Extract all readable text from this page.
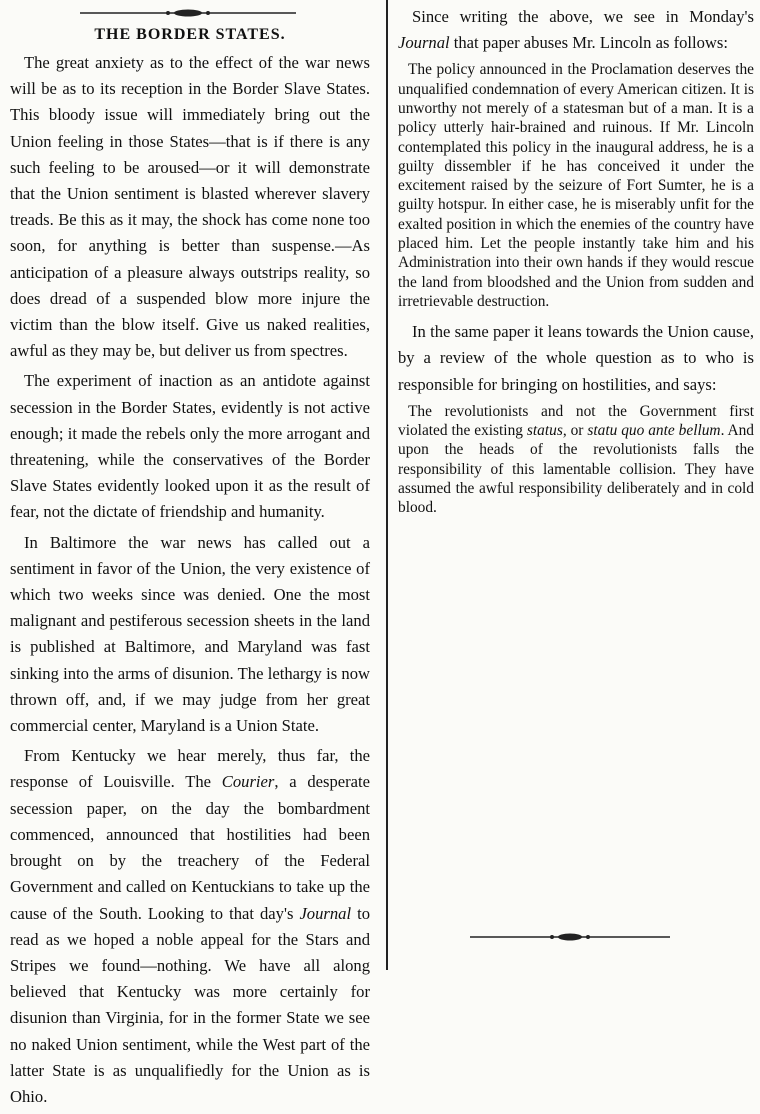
THE BORDER STATES.

The great anxiety as to the effect of the war news will be as to its reception in the Border Slave States. This bloody issue will immediately bring out the Union feeling in those States—that is if there is any such feeling to be aroused—or it will demonstrate that the Union sentiment is blasted wherever slavery treads. Be this as it may, the shock has come none too soon, for anything is better than suspense.—As anticipation of a pleasure always outstrips reality, so does dread of a suspended blow more injure the victim than the blow itself. Give us naked realities, awful as they may be, but deliver us from spectres.

The experiment of inaction as an antidote against secession in the Border States, evidently is not active enough; it made the rebels only the more arrogant and threatening, while the conservatives of the Border Slave States evidently looked upon it as the result of fear, not the dictate of friendship and humanity.

In Baltimore the war news has called out a sentiment in favor of the Union, the very existence of which two weeks since was denied. One the most malignant and pestiferous secession sheets in the land is published at Baltimore, and Maryland was fast sinking into the arms of disunion. The lethargy is now thrown off, and, if we may judge from her great commercial center, Maryland is a Union State.

From Kentucky we hear merely, thus far, the response of Louisville. The Courier, a desperate secession paper, on the day the bombardment commenced, announced that hostilities had been brought on by the treachery of the Federal Government and called on Kentuckians to take up the cause of the South. Looking to that day's Journal to read as we hoped a noble appeal for the Stars and Stripes we found—nothing. We have all along believed that Kentucky was more certainly for disunion than Virginia, for in the former State we see no naked Union sentiment, while the West part of the latter State is as unqualifiedly for the Union as is Ohio.

Since writing the above, we see in Monday's Journal that paper abuses Mr. Lincoln as follows:

The policy announced in the Proclamation deserves the unqualified condemnation of every American citizen. It is unworthy not merely of a statesman but of a man. It is a policy utterly hair-brained and ruinous. If Mr. Lincoln contemplated this policy in the inaugural address, he is a guilty dissembler if he has conceived it under the excitement raised by the seizure of Fort Sumter, he is a guilty hotspur. In either case, he is miserably unfit for the exalted position in which the enemies of the country have placed him. Let the people instantly take him and his Administration into their own hands if they would rescue the land from bloodshed and the Union from sudden and irretrievable destruction.

In the same paper it leans towards the Union cause, by a review of the whole question as to who is responsible for bringing on hostilities, and says:

The revolutionists and not the Government first violated the existing status, or statu quo ante bellum. And upon the heads of the revolutionists falls the responsibility of this lamentable collision. They have assumed the awful responsibility deliberately and in cold blood.
